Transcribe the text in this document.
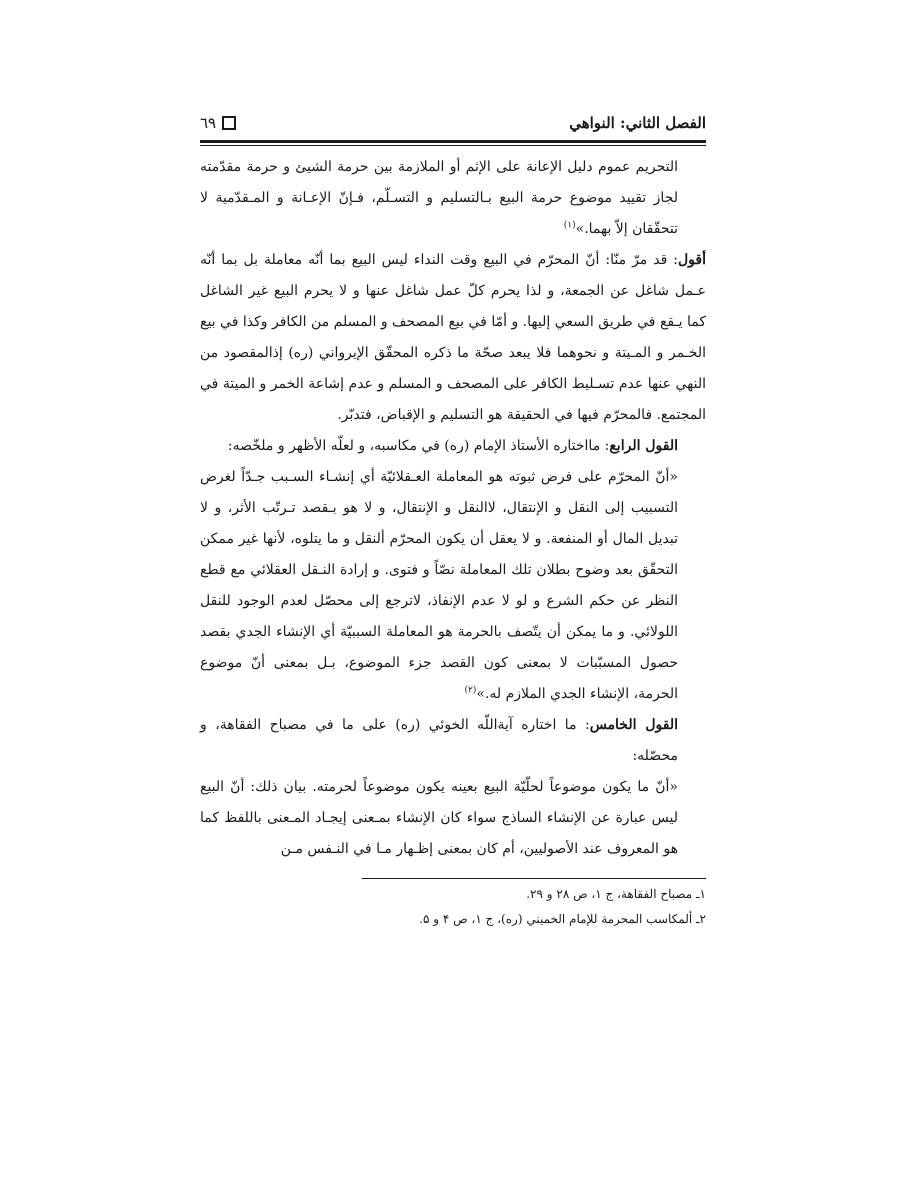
الفصل الثاني: النواهي
٦٩

التحريم عموم دليل الإعانة على الإثم أو الملازمة بين حرمة الشيئ و حرمة مقدّمته لجاز تقييد موضوع حرمة البيع بـالتسليم و التسـلّم، فـإنّ الإعـانة و المـقدّمية لا تتحقّقان إلاّ بهما.»$^{(١)}$

أقول: قد مرّ منّا: أنّ المحرّم في البيع وقت النداء ليس البيع بما أنّه معاملة بل بما أنّه عـمل شاغل عن الجمعة، و لذا يحرم كلّ عمل شاغل عنها و لا يحرم البيع غير الشاغل كما يـقع في طريق السعي إليها. و أمّا في بيع المصحف و المسلم من الكافر وكذا في بيع الخـمر و المـيتة و نحوهما فلا يبعد صحّة ما ذكره المحقّق الإيرواني (ره) إذالمقصود من النهي عنها عدم تسـليط الكافر على المصحف و المسلم و عدم إشاعة الخمر و الميتة في المجتمع. فالمحرّم فيها في الحقيقة هو التسليم و الإقباض، فتدبّر.

القول الرابع: مااختاره الأستاذ الإمام (ره) في مكاسبه، و لعلّه الأظهر و ملخّصه:

«أنّ المحرّم على فرض ثبوته هو المعاملة العـقلائيّة أي إنشـاء السـبب جـدّاً لغرض التسبيب إلى النقل و الإنتقال، لاالنقل و الإنتقال، و لا هو بـقصد تـرتّب الأثر، و لا تبديل المال أو المنفعة. و لا يعقل أن يكون المحرّم ألنقل و ما يتلوه، لأنها غير ممكن التحقّق بعد وضوح بطلان تلك المعاملة نصّاً و فتوى. و إرادة النـقل العقلائي مع قطع النظر عن حكم الشرع و لو لا عدم الإنفاذ، لاترجع إلى محصّل لعدم الوجود للنقل اللولائي. و ما يمكن أن يتّصف بالحرمة هو المعاملة السببيّة أي الإنشاء الجدي بقصد حصول المسبّبات لا بمعنى كون القصد جزء الموضوع، بـل بمعنى أنّ موضوع الحرمة، الإنشاء الجدي الملازم له.»$^{(٢)}$

القول الخامس: ما اختاره آيةاللّه الخوئي (ره) على ما في مصباح الفقاهة، و محصّله:

«أنّ ما يكون موضوعاً لحلّيّة البيع بعينه يكون موضوعاً لحرمته. بيان ذلك: أنّ البيع ليس عبارة عن الإنشاء الساذج سواء كان الإنشاء بمـعنى إيجـاد المـعنى باللفظ كما هو المعروف عند الأصوليين، أم كان بمعنى إظـهار مـا في النـفس مـن

١ـ مصباح الفقاهة، ج ١، ص ٢٨ و ٢٩.

٢ـ ألمكاسب المحرمة للإمام الخميني (ره)، ج ١، ص ۴ و ۵.
